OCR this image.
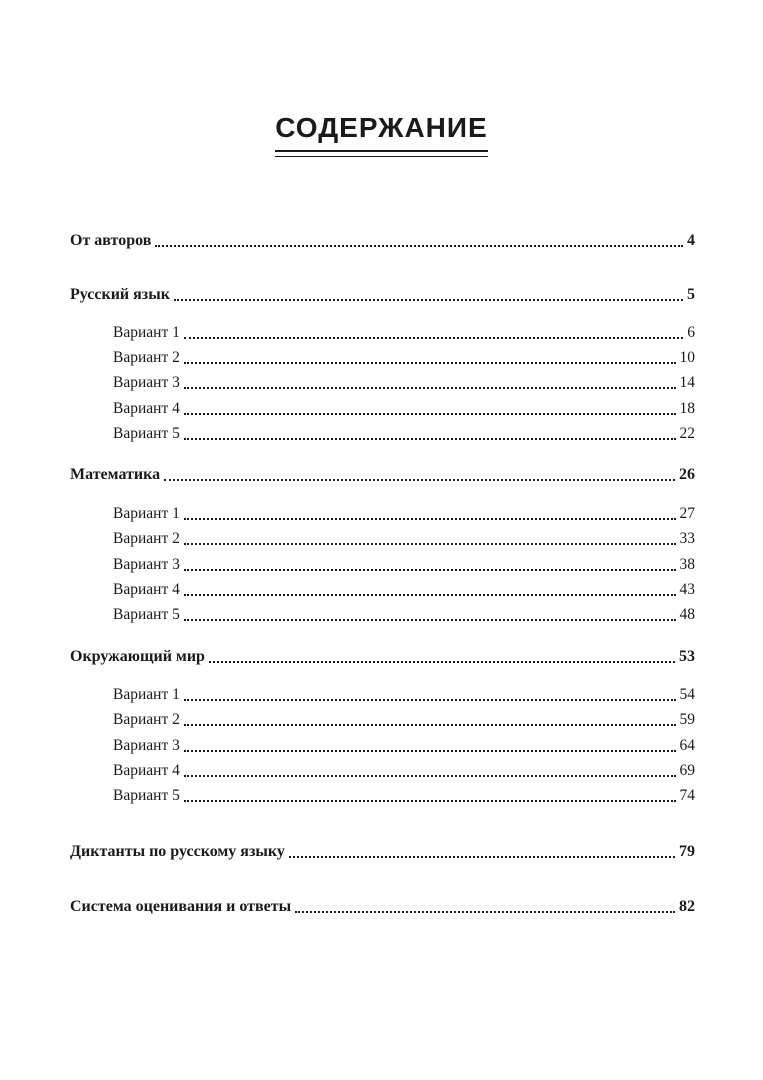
СОДЕРЖАНИЕ
От авторов	4
Русский язык	5
Вариант 1	6
Вариант 2	10
Вариант 3	14
Вариант 4	18
Вариант 5	22
Математика	26
Вариант 1	27
Вариант 2	33
Вариант 3	38
Вариант 4	43
Вариант 5	48
Окружающий мир	53
Вариант 1	54
Вариант 2	59
Вариант 3	64
Вариант 4	69
Вариант 5	74
Диктанты по русскому языку	79
Система оценивания и ответы	82
